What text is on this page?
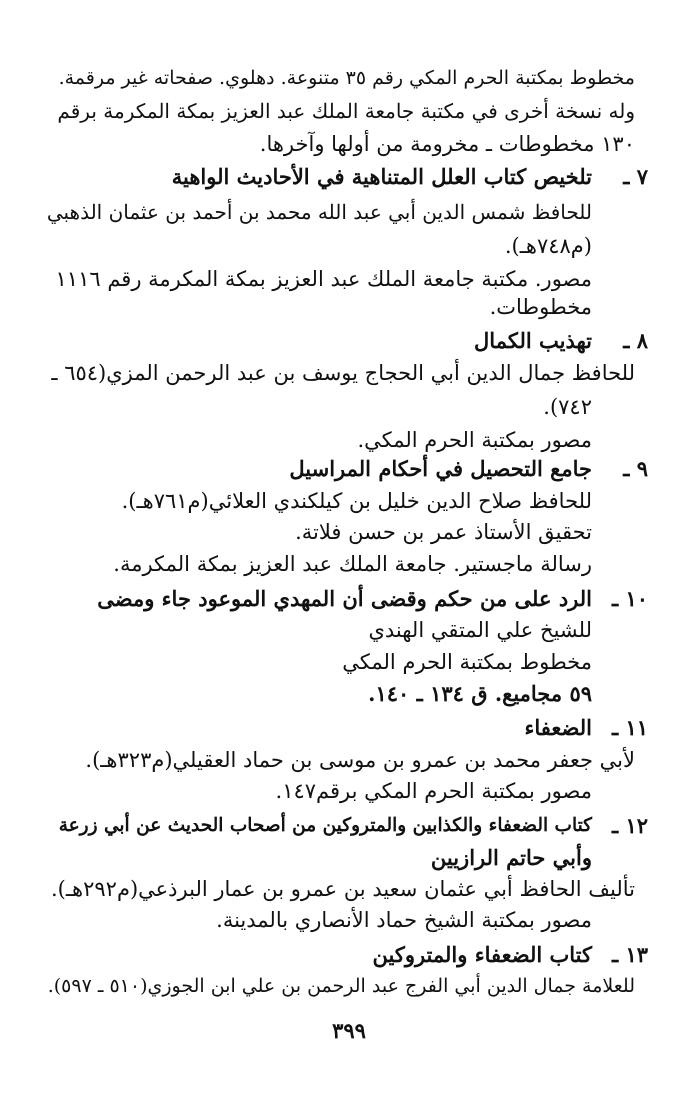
مخطوط بمكتبة الحرم المكي رقم ٣٥ متنوعة. دهلوي. صفحاته غير مرقمة.
وله نسخة أخرى في مكتبة جامعة الملك عبد العزيز بمكة المكرمة برقم
١٣٠ مخطوطات ـ مخرومة من أولها وآخرها.
٧ ـ
تلخيص كتاب العلل المتناهية في الأحاديث الواهية
للحافظ شمس الدين أبي عبد الله محمد بن أحمد بن عثمان الذهبي
(م٧٤٨هـ).
مصور. مكتبة جامعة الملك عبد العزيز بمكة المكرمة رقم ١١١٦
مخطوطات.
٨ ـ
تهذيب الكمال
للحافظ جمال الدين أبي الحجاج يوسف بن عبد الرحمن المزي(٦٥٤ ـ
٧٤٢).
مصور بمكتبة الحرم المكي.
٩ ـ
جامع التحصيل في أحكام المراسيل
للحافظ صلاح الدين خليل بن كيلكندي العلائي(م٧٦١هـ).
تحقيق الأستاذ عمر بن حسن فلاتة.
رسالة ماجستير. جامعة الملك عبد العزيز بمكة المكرمة.
١٠ ـ
الرد على من حكم وقضى أن المهدي الموعود جاء ومضى
للشيخ علي المتقي الهندي
مخطوط بمكتبة الحرم المكي
٥٩ مجاميع. ق ١٣٤ ـ ١٤٠.
١١ ـ
الضعفاء
لأبي جعفر محمد بن عمرو بن موسى بن حماد العقيلي(م٣٢٣هـ).
مصور بمكتبة الحرم المكي برقم١٤٧.
١٢ ـ
كتاب الضعفاء والكذابين والمتروكين من أصحاب الحديث عن أبي زرعة
وأبي حاتم الرازيين
تأليف الحافظ أبي عثمان سعيد بن عمرو بن عمار البرذعي(م٢٩٢هـ).
مصور بمكتبة الشيخ حماد الأنصاري بالمدينة.
١٣ ـ
كتاب الضعفاء والمتروكين
للعلامة جمال الدين أبي الفرج عبد الرحمن بن علي ابن الجوزي(٥١٠ ـ ٥٩٧).
٣٩٩
